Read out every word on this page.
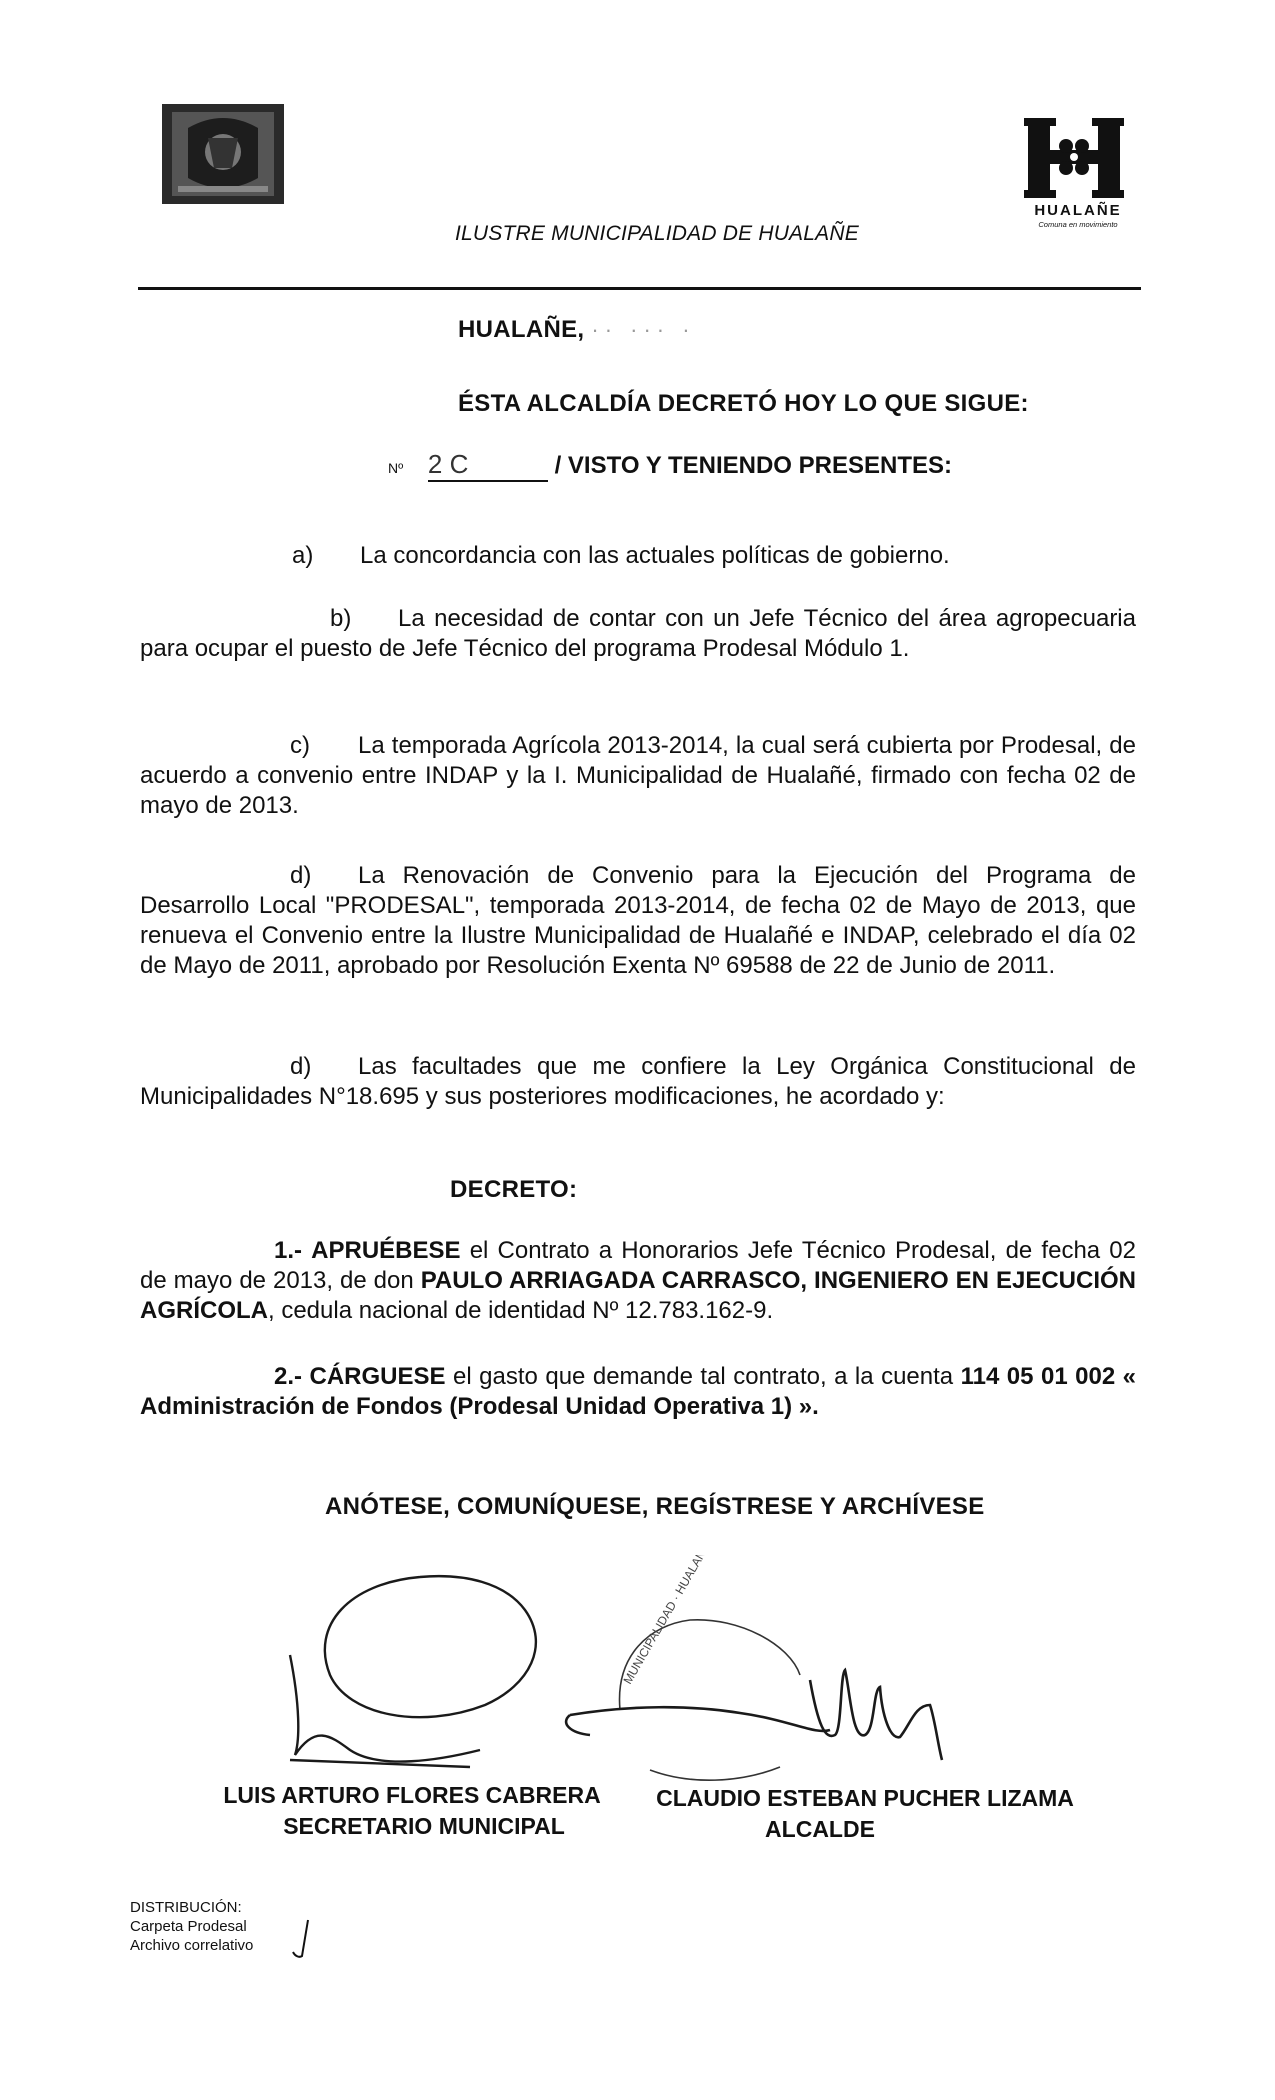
HUALAÑE
Comuna en movimiento
ILUSTRE MUNICIPALIDAD DE HUALAÑE
HUALAÑE, ·· ··· ·
ÉSTA ALCALDÍA DECRETÓ HOY LO QUE SIGUE:
Nº 2 C	/ VISTO Y TENIENDO PRESENTES:
a) La concordancia con las actuales políticas de gobierno.
b) La necesidad de contar con un Jefe Técnico del área agropecuaria para ocupar el puesto de Jefe Técnico del programa Prodesal Módulo 1.
c) La temporada Agrícola 2013-2014, la cual será cubierta por Prodesal, de acuerdo a convenio entre INDAP y la I. Municipalidad de Hualañé, firmado con fecha 02 de mayo de 2013.
d) La Renovación de Convenio para la Ejecución del Programa de Desarrollo Local "PRODESAL", temporada 2013-2014, de fecha 02 de Mayo de 2013, que renueva el Convenio entre la Ilustre Municipalidad de Hualañé e INDAP, celebrado el día 02 de Mayo de 2011, aprobado por Resolución Exenta Nº 69588 de 22 de Junio de 2011.
d) Las facultades que me confiere la Ley Orgánica Constitucional de Municipalidades N°18.695 y sus posteriores modificaciones, he acordado y:
DECRETO:
1.- APRUÉBESE el Contrato a Honorarios Jefe Técnico Prodesal, de fecha 02 de mayo de 2013, de don PAULO ARRIAGADA CARRASCO, INGENIERO EN EJECUCIÓN AGRÍCOLA, cedula nacional de identidad Nº 12.783.162-9.
2.- CÁRGUESE el gasto que demande tal contrato, a la cuenta 114 05 01 002 « Administración de Fondos (Prodesal Unidad Operativa 1) ».
ANÓTESE, COMUNÍQUESE, REGÍSTRESE Y ARCHÍVESE
MUNICIPALIDAD · HUALAÑE
LUIS ARTURO FLORES CABRERA
SECRETARIO MUNICIPAL
CLAUDIO ESTEBAN PUCHER LIZAMA
ALCALDE
DISTRIBUCIÓN:
Carpeta Prodesal
Archivo correlativo
